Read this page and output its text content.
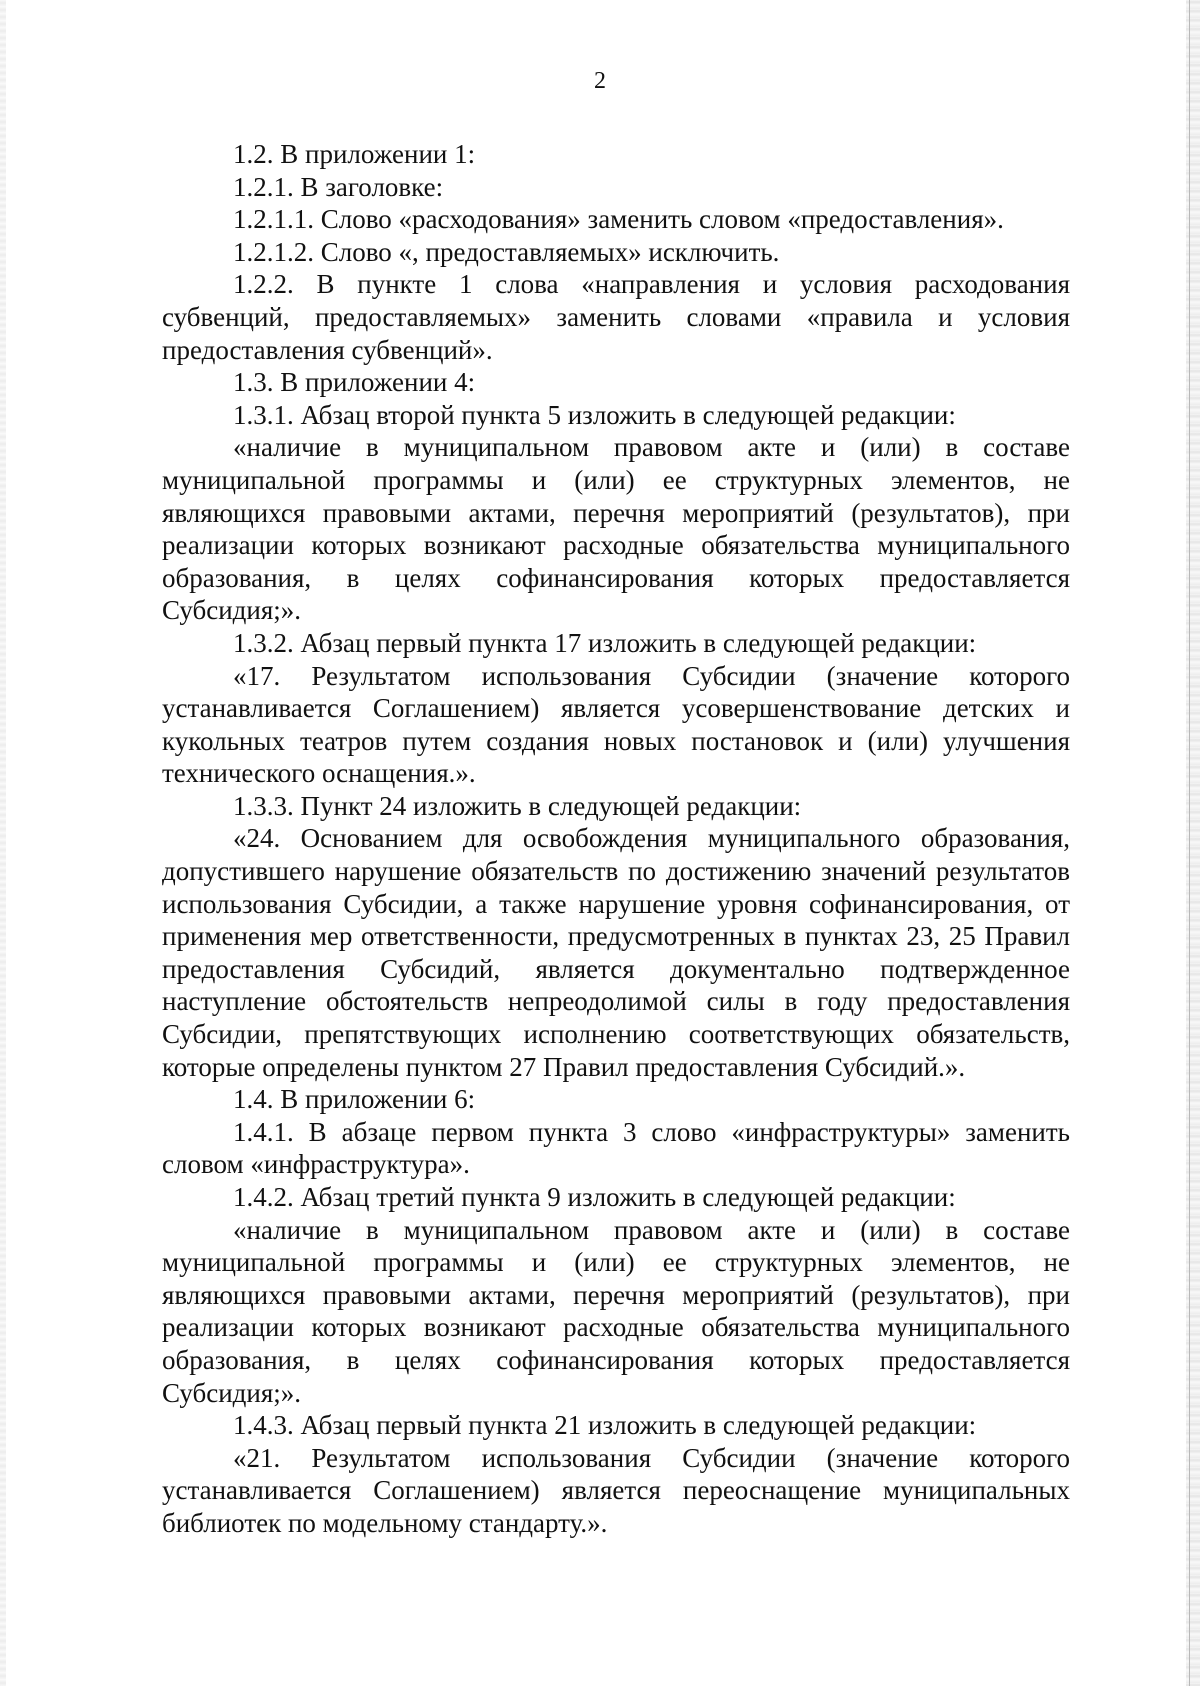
2

1.2. В приложении 1:

1.2.1. В заголовке:

1.2.1.1. Слово «расходования» заменить словом «предоставления».

1.2.1.2. Слово «, предоставляемых» исключить.

1.2.2. В пункте 1 слова «направления и условия расходования субвенций, предоставляемых» заменить словами «правила и условия предоставления субвенций».

1.3. В приложении 4:

1.3.1. Абзац второй пункта 5 изложить в следующей редакции:

«наличие в муниципальном правовом акте и (или) в составе муниципальной программы и (или) ее структурных элементов, не являющихся правовыми актами, перечня мероприятий (результатов), при реализации которых возникают расходные обязательства муниципального образования, в целях софинансирования которых предоставляется Субсидия;».

1.3.2. Абзац первый пункта 17 изложить в следующей редакции:

«17. Результатом использования Субсидии (значение которого устанавливается Соглашением) является усовершенствование детских и кукольных театров путем создания новых постановок и (или) улучшения технического оснащения.».

1.3.3. Пункт 24 изложить в следующей редакции:

«24. Основанием для освобождения муниципального образования, допустившего нарушение обязательств по достижению значений результатов использования Субсидии, а также нарушение уровня софинансирования, от применения мер ответственности, предусмотренных в пунктах 23, 25 Правил предоставления Субсидий, является документально подтвержденное наступление обстоятельств непреодолимой силы в году предоставления Субсидии, препятствующих исполнению соответствующих обязательств, которые определены пунктом 27 Правил предоставления Субсидий.».

1.4. В приложении 6:

1.4.1. В абзаце первом пункта 3 слово «инфраструктуры» заменить словом «инфраструктура».

1.4.2. Абзац третий пункта 9 изложить в следующей редакции:

«наличие в муниципальном правовом акте и (или) в составе муниципальной программы и (или) ее структурных элементов, не являющихся правовыми актами, перечня мероприятий (результатов), при реализации которых возникают расходные обязательства муниципального образования, в целях софинансирования которых предоставляется Субсидия;».

1.4.3. Абзац первый пункта 21 изложить в следующей редакции:

«21. Результатом использования Субсидии (значение которого устанавливается Соглашением) является переоснащение муниципальных библиотек по модельному стандарту.».
